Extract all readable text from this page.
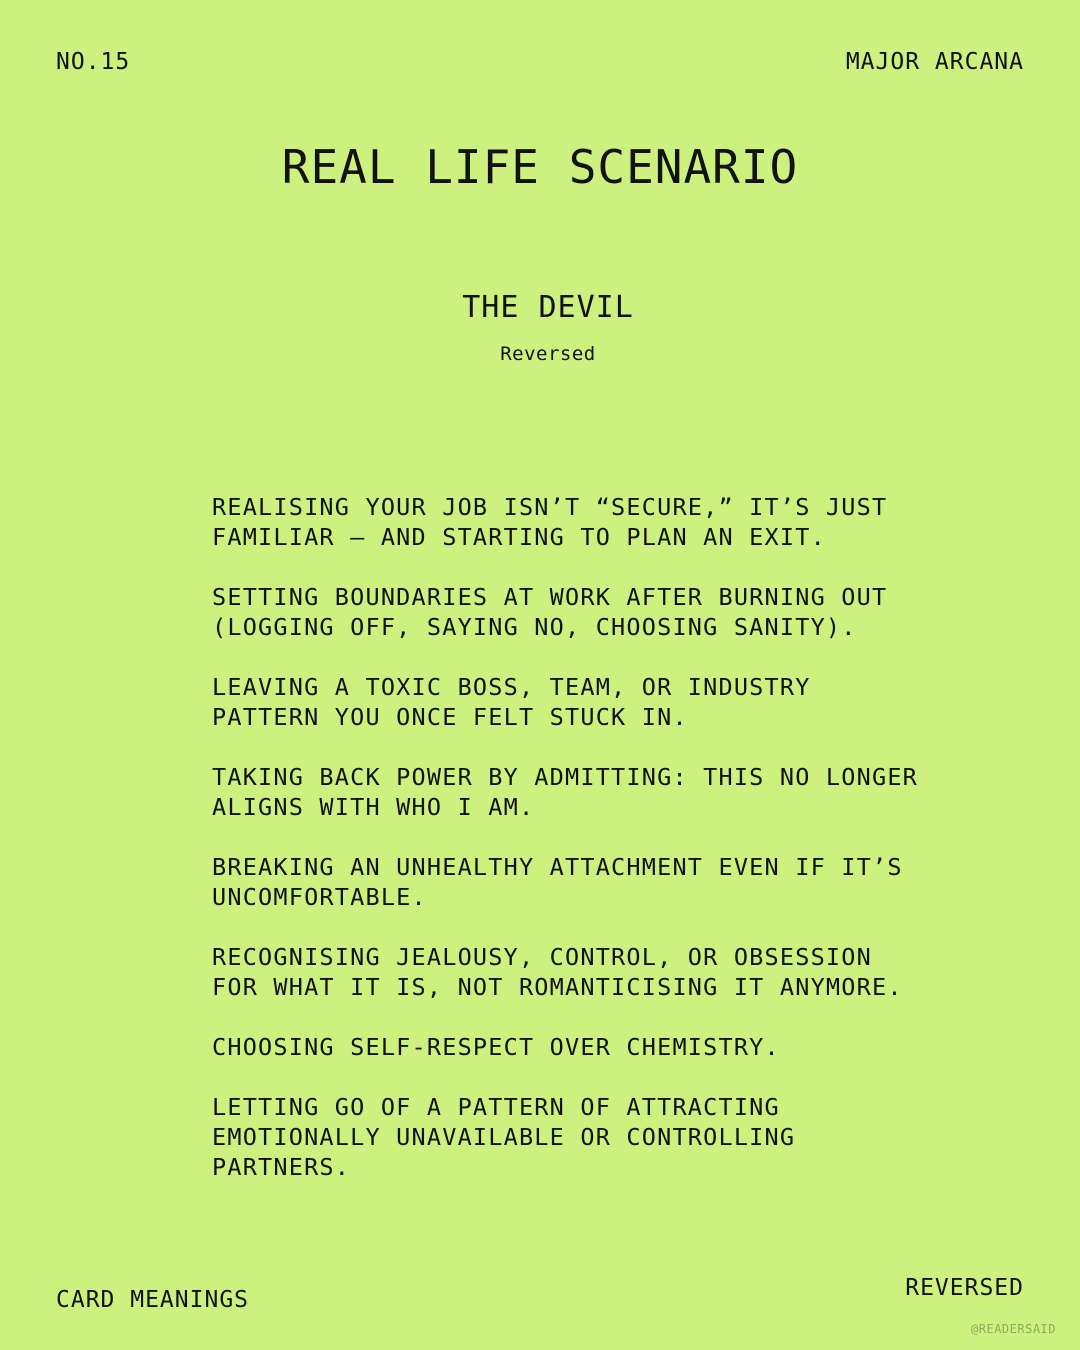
NO.15	MAJOR ARCANA
REAL LIFE SCENARIO
THE DEVIL
Reversed
REALISING YOUR JOB ISN’T “SECURE,” IT’S JUST
FAMILIAR — AND STARTING TO PLAN AN EXIT.
SETTING BOUNDARIES AT WORK AFTER BURNING OUT
(LOGGING OFF, SAYING NO, CHOOSING SANITY).
LEAVING A TOXIC BOSS, TEAM, OR INDUSTRY
PATTERN YOU ONCE FELT STUCK IN.
TAKING BACK POWER BY ADMITTING: THIS NO LONGER
ALIGNS WITH WHO I AM.
BREAKING AN UNHEALTHY ATTACHMENT EVEN IF IT’S
UNCOMFORTABLE.
RECOGNISING JEALOUSY, CONTROL, OR OBSESSION
FOR WHAT IT IS, NOT ROMANTICISING IT ANYMORE.
CHOOSING SELF-RESPECT OVER CHEMISTRY.
LETTING GO OF A PATTERN OF ATTRACTING
EMOTIONALLY UNAVAILABLE OR CONTROLLING
PARTNERS.
CARD MEANINGS	REVERSED
@READERSAID
